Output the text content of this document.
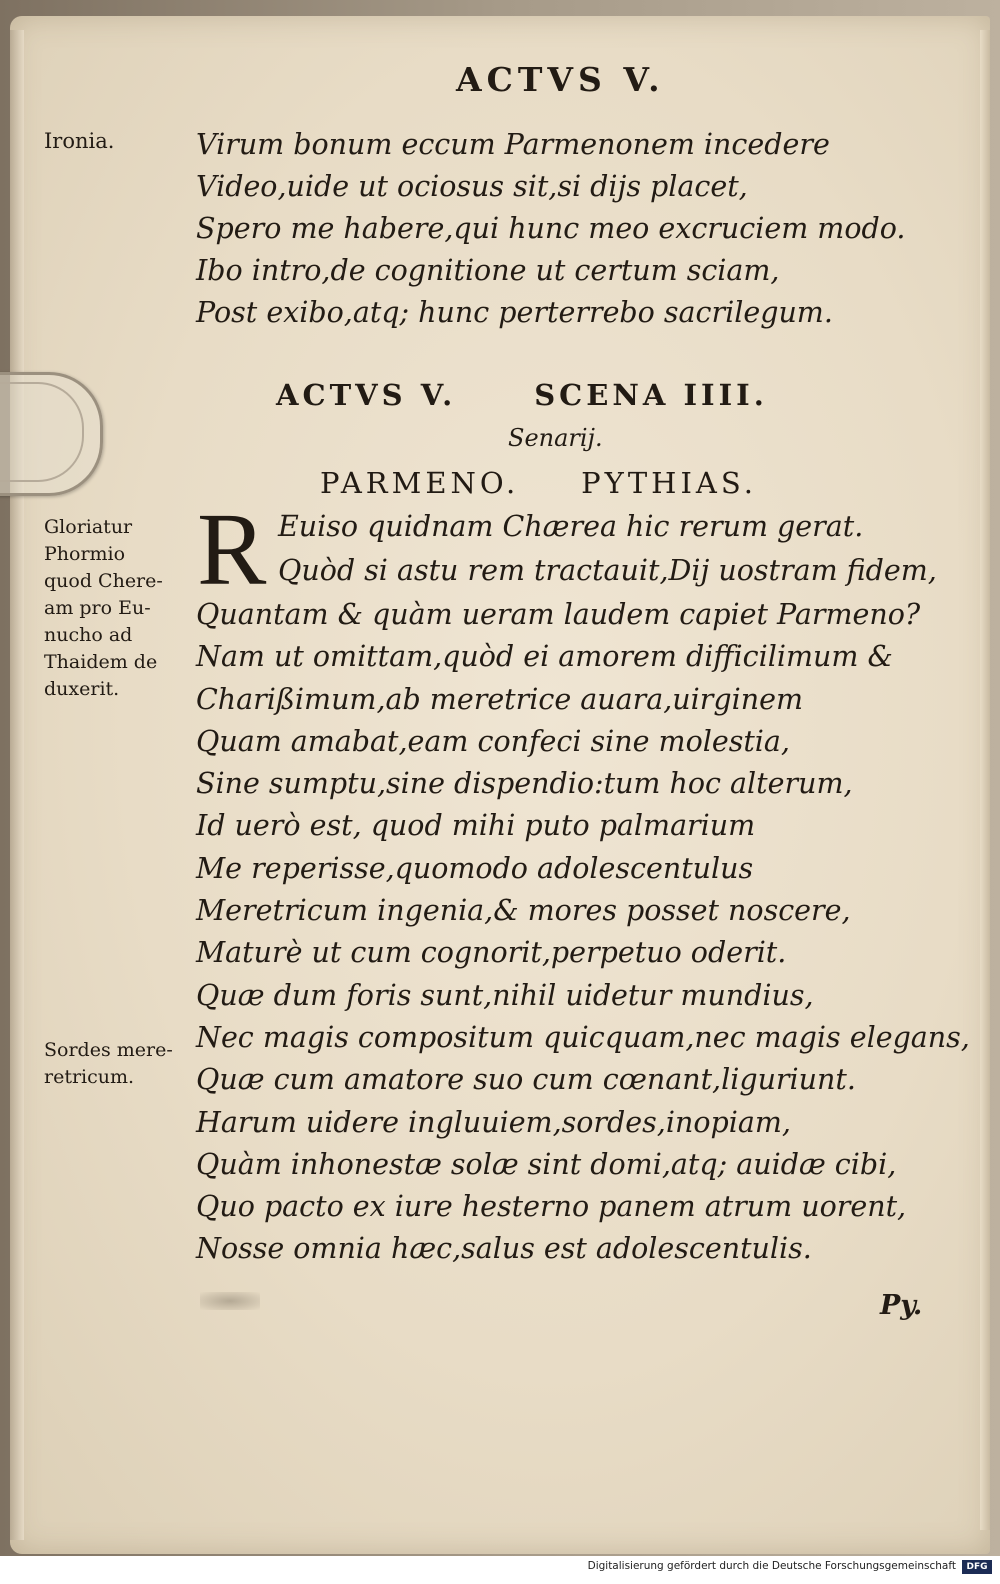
ACTVS V.
Ironia.	Virum bonum eccum Parmenonem incedere
Video,uide ut ociosus sit,si dijs placet,
Spero me habere,qui hunc meo excruciem modo.
Ibo intro,de cognitione ut certum sciam,
Post exibo,atq; hunc perterrebo sacrilegum.
ACTVS V.	SCENA IIII.
Senarij.
PARMENO. PYTHIAS.
Gloriatur
Phormio
quod Chere-
am pro Eu-
nucho ad
Thaidem de
duxerit.
R Euiso quidnam Chærea hic rerum gerat.
Quòd si astu rem tractauit,Dij uostram fidem,
Quantam & quàm ueram laudem capiet Parmeno?
Nam ut omittam,quòd ei amorem difficilimum &
Charißimum,ab meretrice auara,uirginem
Quam amabat,eam confeci sine molestia,
Sine sumptu,sine dispendio:tum hoc alterum,
Id uerò est, quod mihi puto palmarium
Me reperisse,quomodo adolescentulus
Meretricum ingenia,& mores posset noscere,
Maturè ut cum cognorit,perpetuo oderit.
Quæ dum foris sunt,nihil uidetur mundius,
Nec magis compositum quicquam,nec magis elegans,
Quæ cum amatore suo cum cœnant,liguriunt.
Harum uidere ingluuiem,sordes,inopiam,
Quàm inhonestæ solæ sint domi,atq; auidæ cibi,
Quo pacto ex iure hesterno panem atrum uorent,
Nosse omnia hæc,salus est adolescentulis.
Sordes mere-
retricum.
Py.
Digitalisierung gefördert durch die Deutsche Forschungsgemeinschaft	DFG
